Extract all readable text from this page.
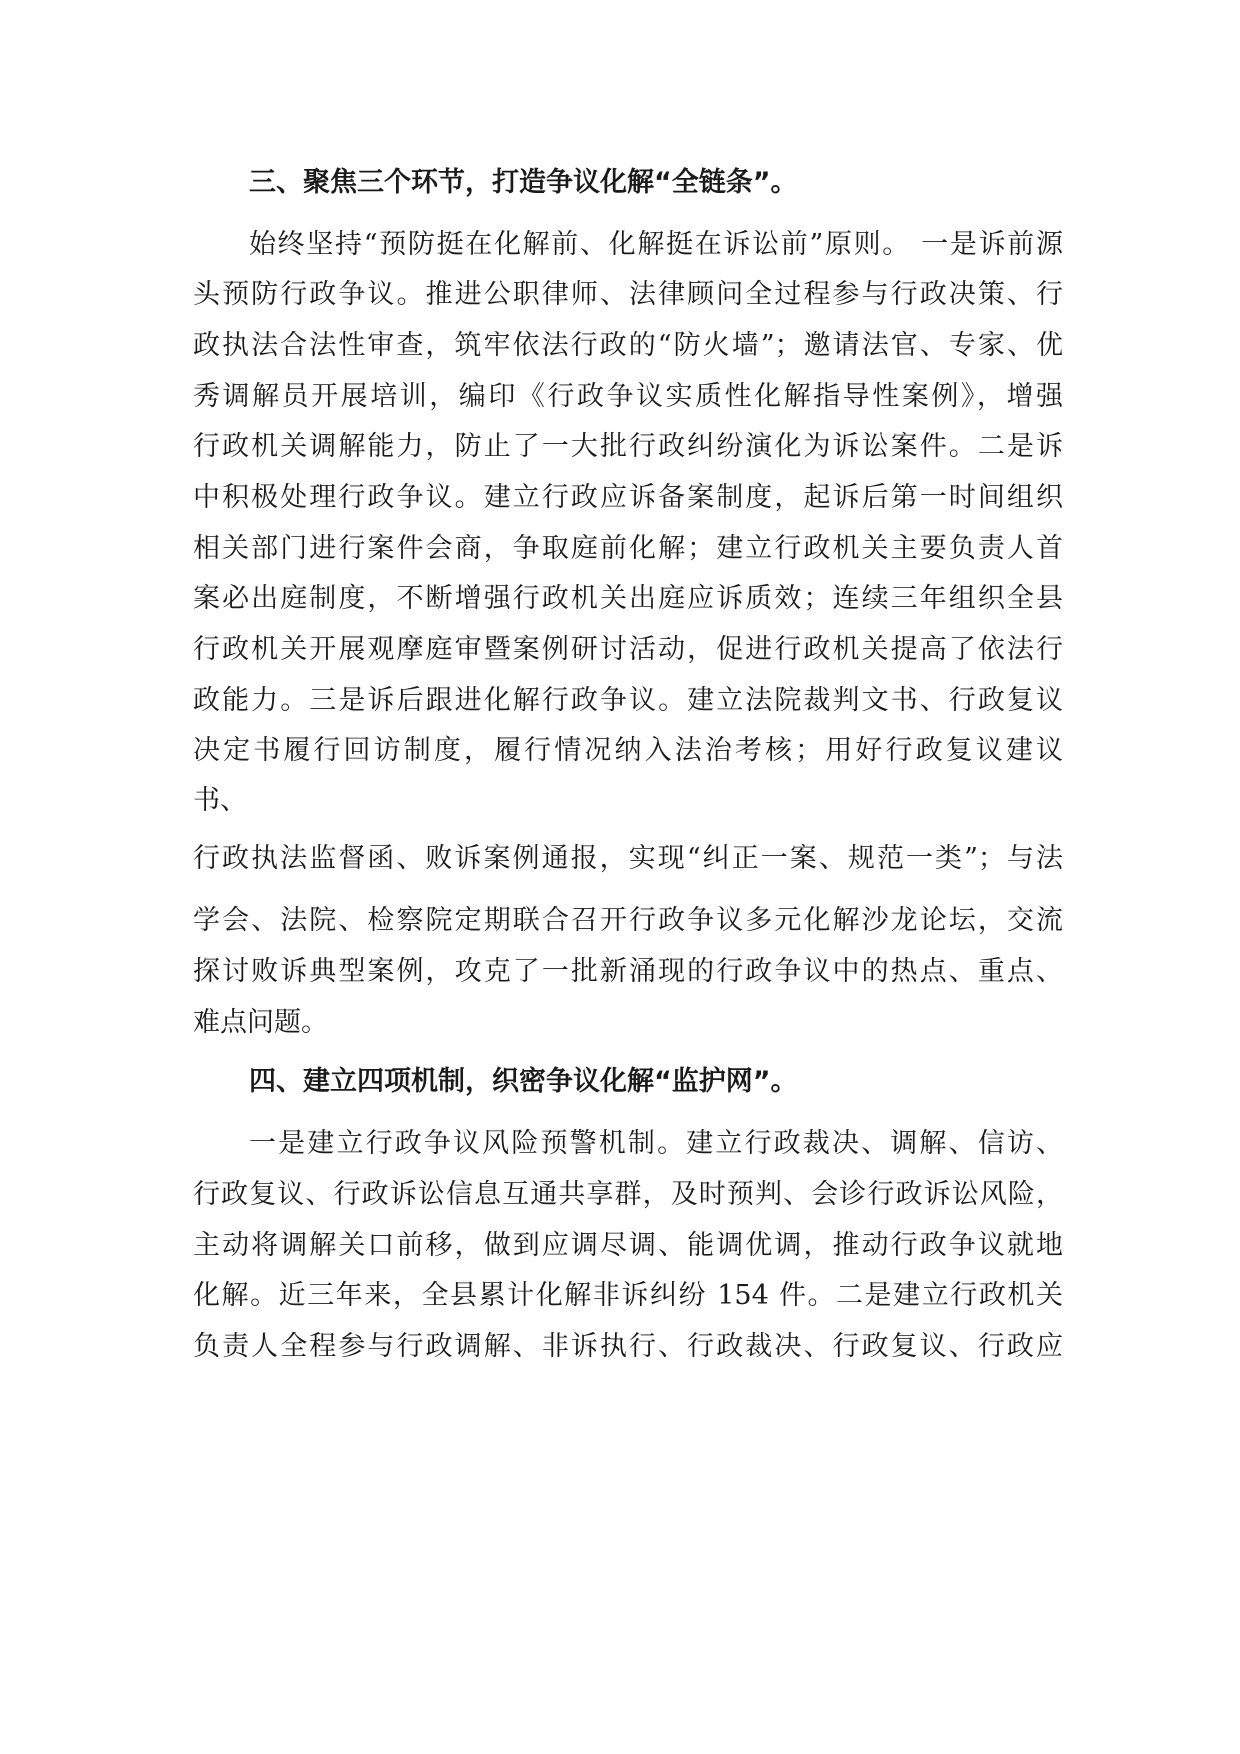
三、聚焦三个环节，打造争议化解“全链条”。

始终坚持“预防挺在化解前、化解挺在诉讼前”原则。 一是诉前源

头预防行政争议。推进公职律师、法律顾问全过程参与行政决策、行

政执法合法性审查，筑牢依法行政的“防火墙”；邀请法官、专家、优

秀调解员开展培训，编印《行政争议实质性化解指导性案例》，增强

行政机关调解能力，防止了一大批行政纠纷演化为诉讼案件。二是诉

中积极处理行政争议。建立行政应诉备案制度，起诉后第一时间组织

相关部门进行案件会商，争取庭前化解；建立行政机关主要负责人首

案必出庭制度，不断增强行政机关出庭应诉质效；连续三年组织全县

行政机关开展观摩庭审暨案例研讨活动，促进行政机关提高了依法行

政能力。三是诉后跟进化解行政争议。建立法院裁判文书、行政复议

决定书履行回访制度，履行情况纳入法治考核；用好行政复议建议

书、

行政执法监督函、败诉案例通报，实现“纠正一案、规范一类”；与法

学会、法院、检察院定期联合召开行政争议多元化解沙龙论坛，交流

探讨败诉典型案例，攻克了一批新涌现的行政争议中的热点、重点、

难点问题。

四、建立四项机制，织密争议化解“监护网”。

一是建立行政争议风险预警机制。建立行政裁决、调解、信访、

行政复议、行政诉讼信息互通共享群，及时预判、会诊行政诉讼风险，

主动将调解关口前移，做到应调尽调、能调优调，推动行政争议就地

化解。近三年来，全县累计化解非诉纠纷 154 件。二是建立行政机关

负责人全程参与行政调解、非诉执行、行政裁决、行政复议、行政应
